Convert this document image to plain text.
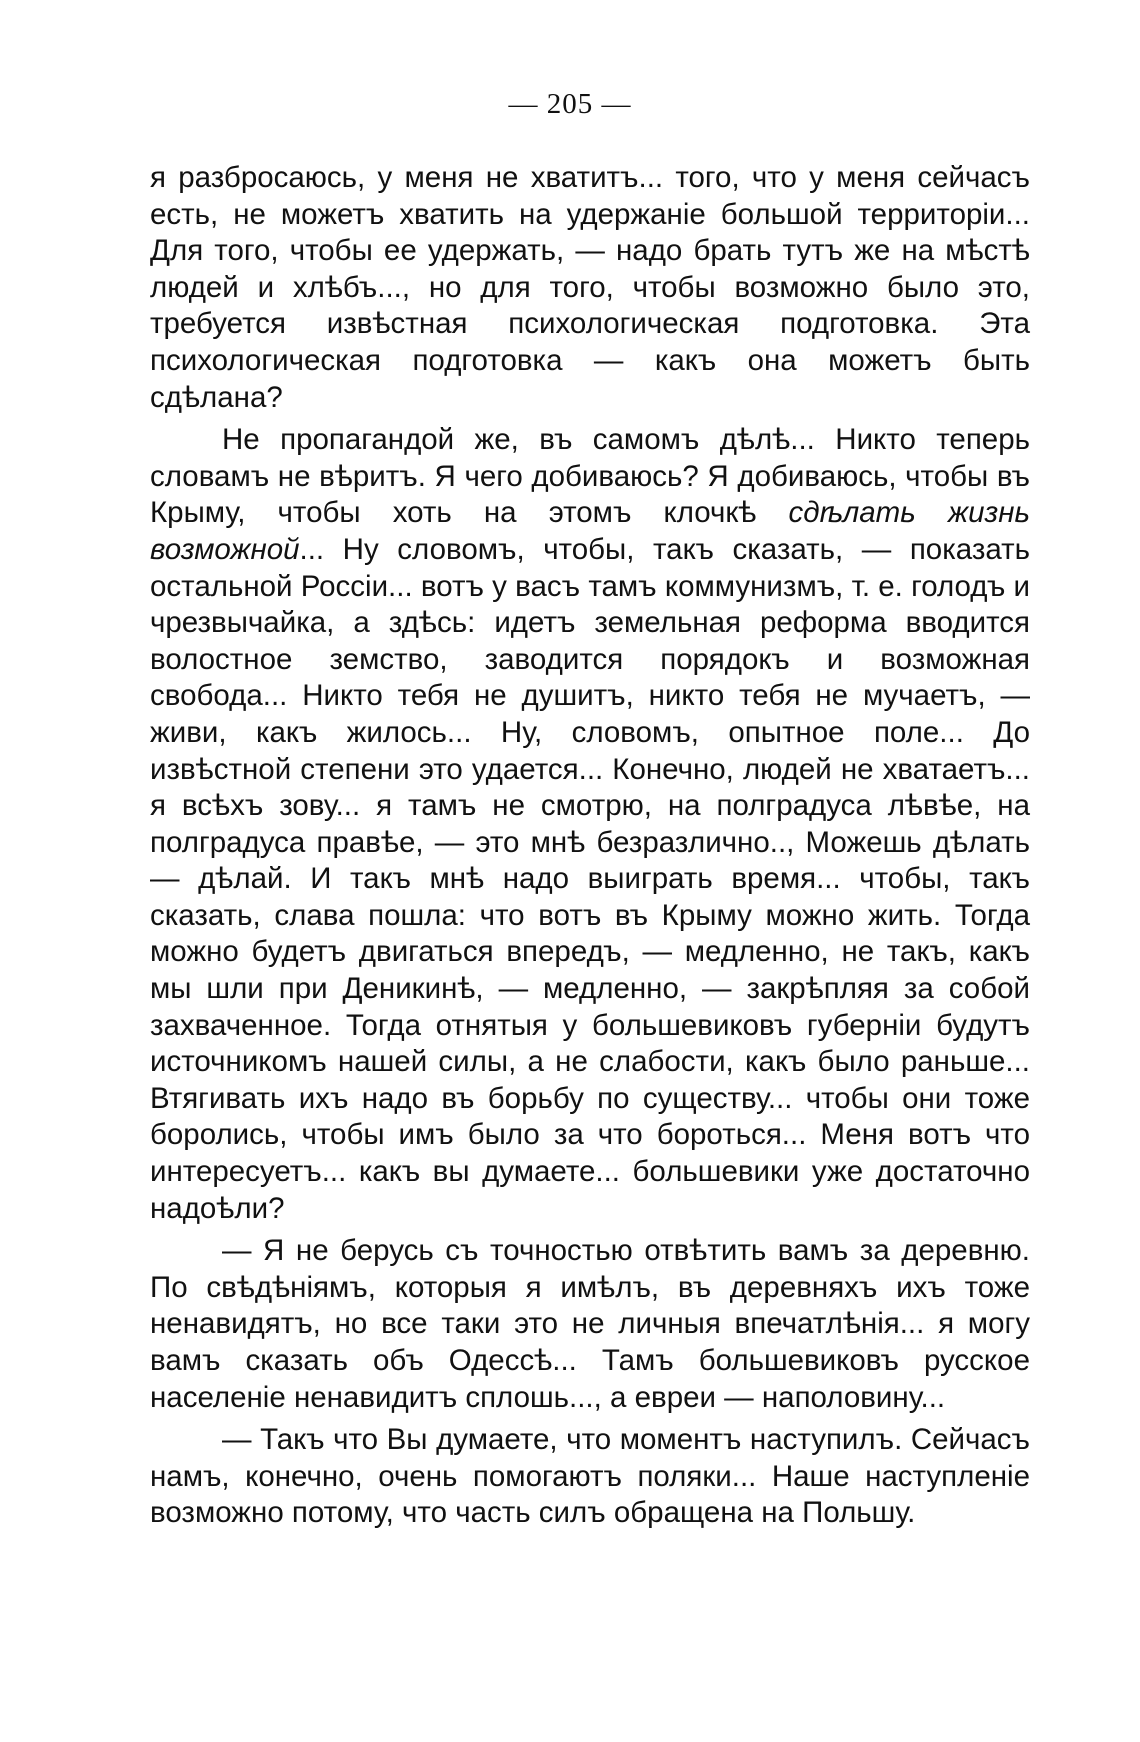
— 205 —

я разбросаюсь, у меня не хватитъ... того, что у меня сейчасъ есть, не можетъ хватить на удержаніе большой территоріи... Для того, чтобы ее удержать, — надо брать тутъ же на мѣстѣ людей и хлѣбъ..., но для того, чтобы возможно было это, требуется извѣстная психологическая подготовка. Эта психологическая подготовка — какъ она можетъ быть сдѣлана?

Не пропагандой же, въ самомъ дѣлѣ... Никто теперь словамъ не вѣритъ. Я чего добиваюсь? Я добиваюсь, чтобы въ Крыму, чтобы хоть на этомъ клочкѣ сдѣлать жизнь возможной... Ну словомъ, чтобы, такъ сказать, — показать остальной Россіи... вотъ у васъ тамъ коммунизмъ, т. е. голодъ и чрезвычайка, а здѣсь: идетъ земельная реформа вводится волостное земство, заводится порядокъ и возможная свобода... Никто тебя не душитъ, никто тебя не мучаетъ, — живи, какъ жилось... Ну, словомъ, опытное поле... До извѣстной степени это удается... Конечно, людей не хватаетъ... я всѣхъ зову... я тамъ не смотрю, на полградуса лѣвѣе, на полградуса правѣе, — это мнѣ безразлично.., Можешь дѣлать — дѣлай. И такъ мнѣ надо выиграть время... чтобы, такъ сказать, слава пошла: что вотъ въ Крыму можно жить. Тогда можно будетъ двигаться впередъ, — медленно, не такъ, какъ мы шли при Деникинѣ, — медленно, — закрѣпляя за собой захваченное. Тогда отнятыя у большевиковъ губерніи будутъ источникомъ нашей силы, а не слабости, какъ было раньше... Втягивать ихъ надо въ борьбу по существу... чтобы они тоже боролись, чтобы имъ было за что бороться... Меня вотъ что интересуетъ... какъ вы думаете... большевики уже достаточно надоѣли?

— Я не берусь съ точностью отвѣтить вамъ за деревню. По свѣдѣніямъ, которыя я имѣлъ, въ деревняхъ ихъ тоже ненавидятъ, но все таки это не личныя впечатлѣнія... я могу вамъ сказать объ Одессѣ... Тамъ большевиковъ русское населеніе ненавидитъ сплошь..., а евреи — наполовину...

— Такъ что Вы думаете, что моментъ наступилъ. Сейчасъ намъ, конечно, очень помогаютъ поляки... Наше наступленіе возможно потому, что часть силъ обращена на Польшу.
